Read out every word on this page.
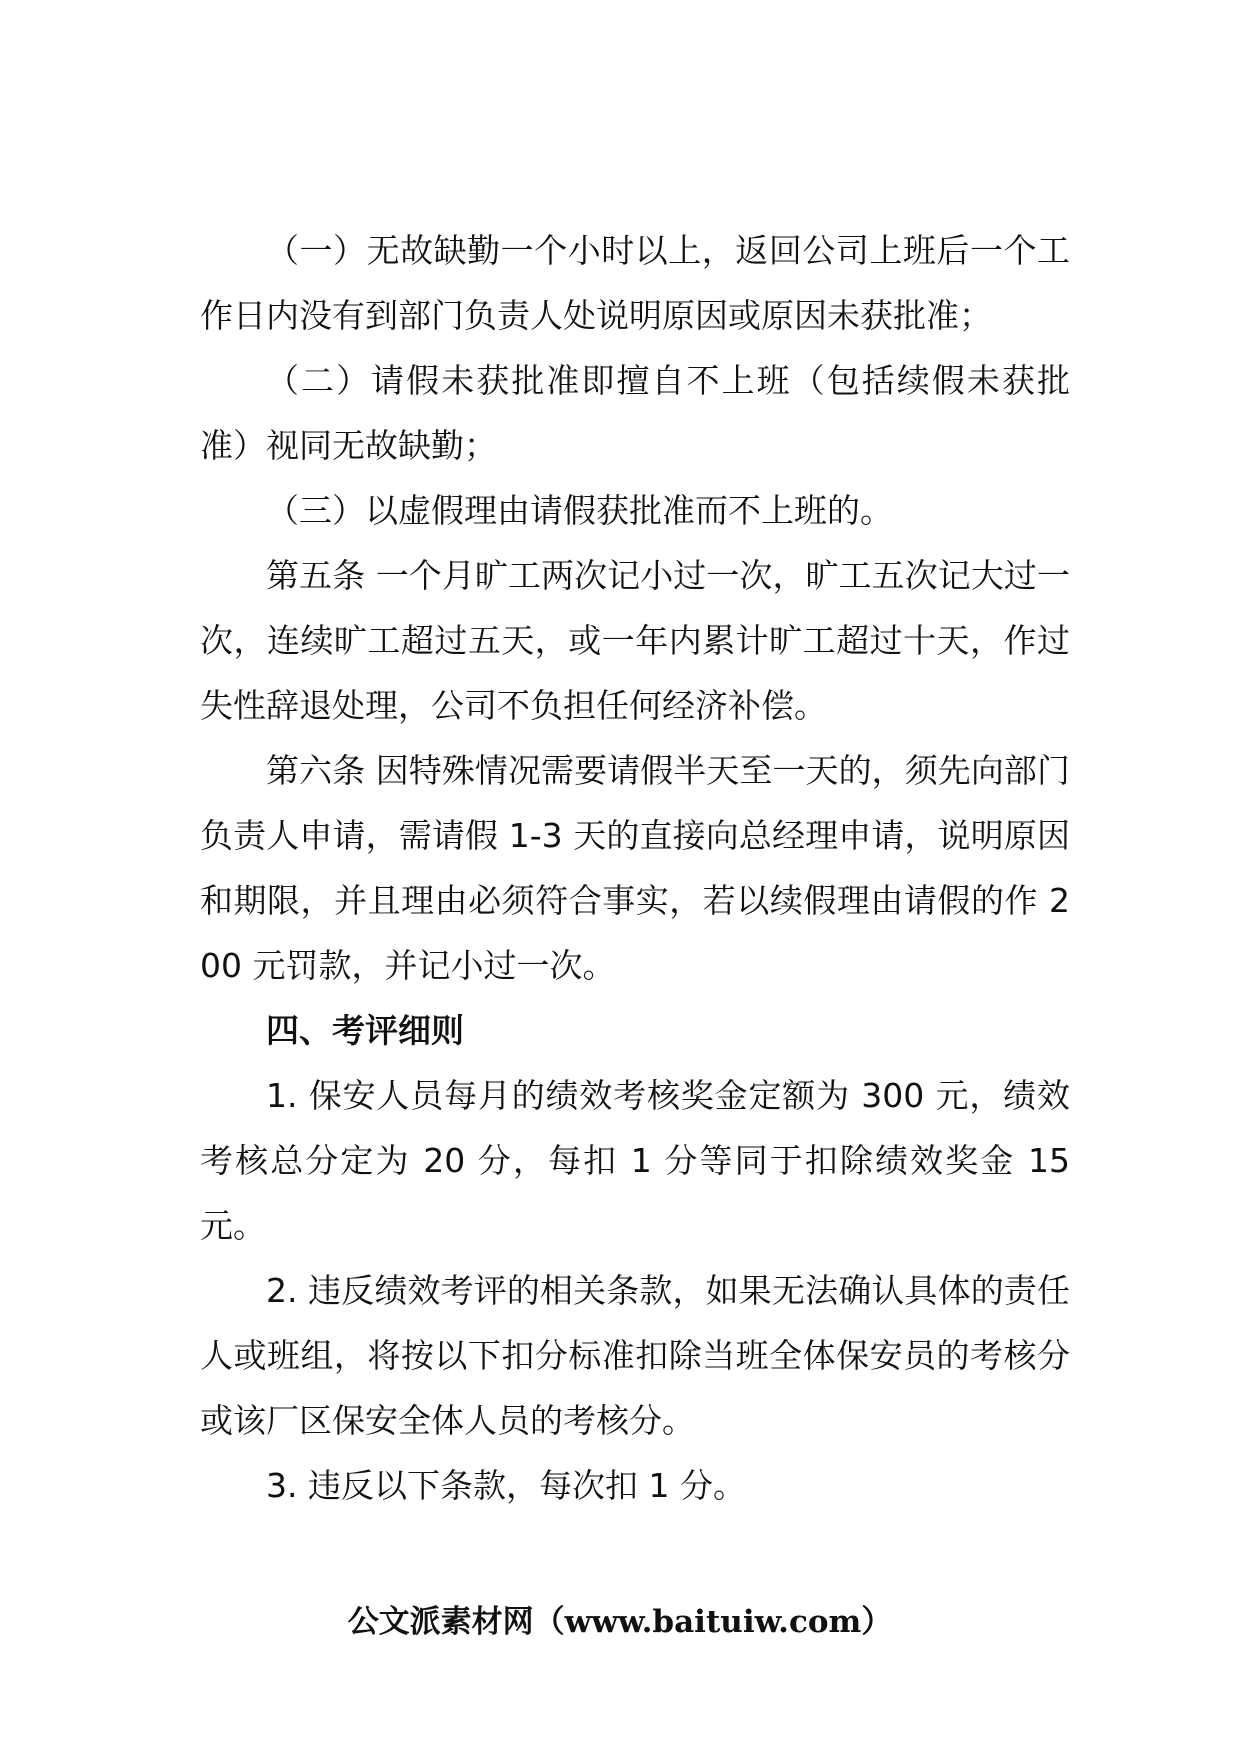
（一）无故缺勤一个小时以上，返回公司上班后一个工作日内没有到部门负责人处说明原因或原因未获批准；

（二）请假未获批准即擅自不上班（包括续假未获批准）视同无故缺勤；

（三）以虚假理由请假获批准而不上班的。

第五条 一个月旷工两次记小过一次，旷工五次记大过一次，连续旷工超过五天，或一年内累计旷工超过十天，作过失性辞退处理，公司不负担任何经济补偿。

第六条 因特殊情况需要请假半天至一天的，须先向部门负责人申请，需请假 1-3 天的直接向总经理申请，说明原因和期限，并且理由必须符合事实，若以续假理由请假的作 200 元罚款，并记小过一次。

四、考评细则

1. 保安人员每月的绩效考核奖金定额为 300 元，绩效考核总分定为 20 分，每扣 1 分等同于扣除绩效奖金 15 元。

2. 违反绩效考评的相关条款，如果无法确认具体的责任人或班组，将按以下扣分标准扣除当班全体保安员的考核分或该厂区保安全体人员的考核分。

3. 违反以下条款，每次扣 1 分。

公文派素材网（www.baituiw.com）
